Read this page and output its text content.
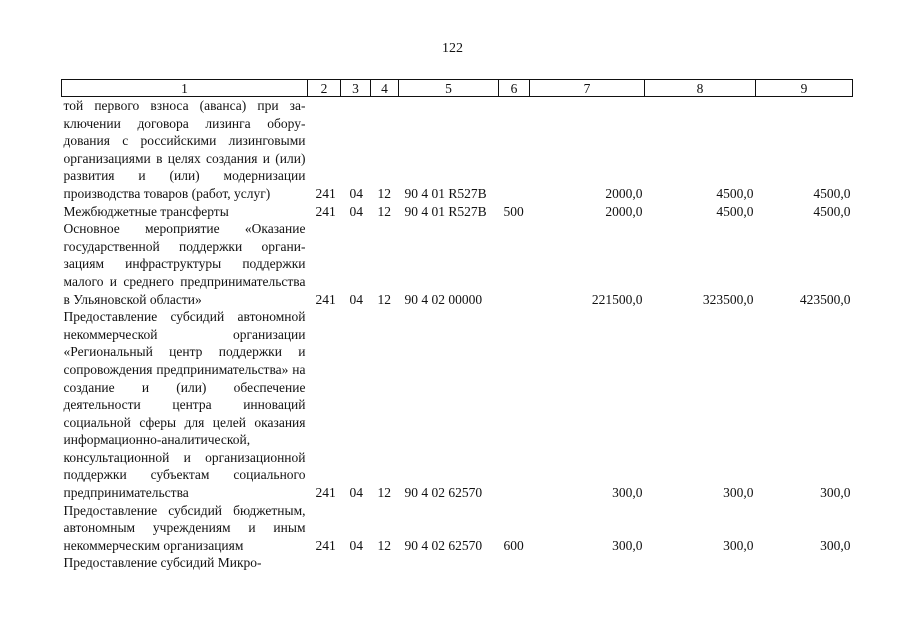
122
1	2	3	4	5	6	7	8	9
той первого взноса (аванса) при заключении договора лизинга оборудования с российскими лизинговыми организациями в целях создания и (или) развития и (или) модернизации производства товаров (работ, услуг)	241	04	12	90 4 01 R527B		2000,0	4500,0	4500,0
Межбюджетные трансферты	241	04	12	90 4 01 R527B	500	2000,0	4500,0	4500,0
Основное мероприятие «Оказание государственной поддержки организациям инфраструктуры поддержки малого и среднего предпринимательства в Ульяновской области»	241	04	12	90 4 02 00000		221500,0	323500,0	423500,0
Предоставление субсидий автономной некоммерческой организации «Региональный центр поддержки и сопровождения предпринимательства» на создание и (или) обеспечение деятельности центра инноваций социальной сферы для целей оказания информационно-аналитической, консультационной и организационной поддержки субъектам социального предпринимательства	241	04	12	90 4 02 62570		300,0	300,0	300,0
Предоставление субсидий бюджетным, автономным учреждениям и иным некоммерческим организациям	241	04	12	90 4 02 62570	600	300,0	300,0	300,0
Предоставление субсидий Микро-								
